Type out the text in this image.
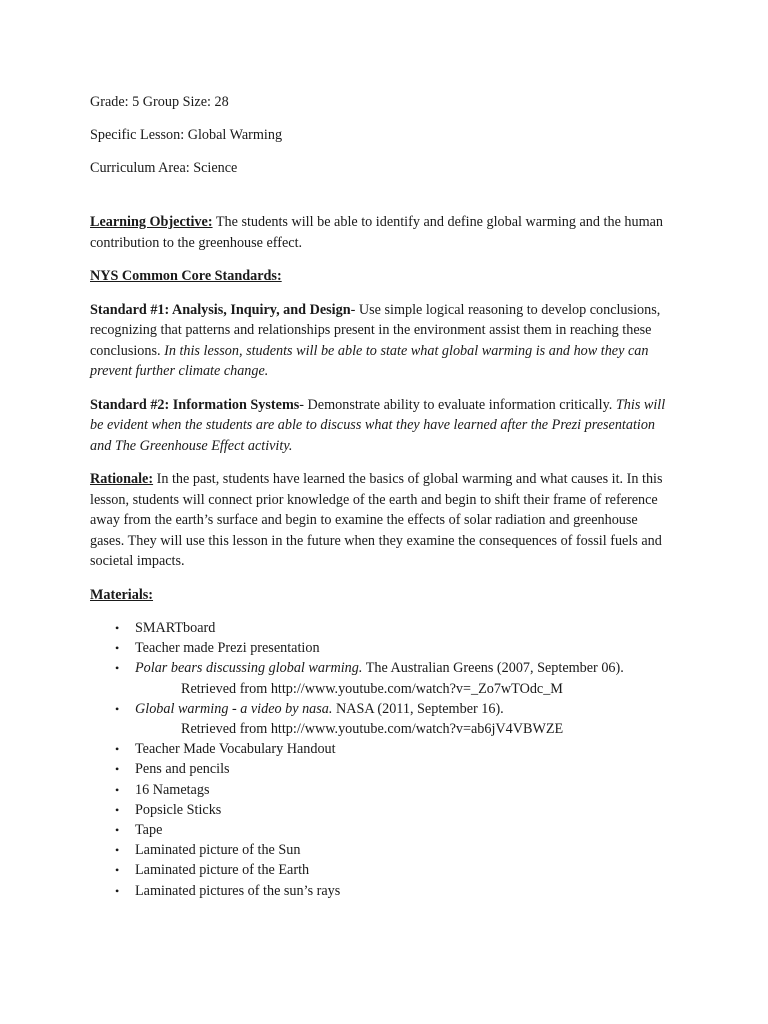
Grade: 5 Group Size: 28

Specific Lesson: Global Warming

Curriculum Area: Science

Learning Objective: The students will be able to identify and define global warming and the human contribution to the greenhouse effect.

NYS Common Core Standards:

Standard #1: Analysis, Inquiry, and Design- Use simple logical reasoning to develop conclusions, recognizing that patterns and relationships present in the environment assist them in reaching these conclusions. In this lesson, students will be able to state what global warming is and how they can prevent further climate change.

Standard #2: Information Systems- Demonstrate ability to evaluate information critically. This will be evident when the students are able to discuss what they have learned after the Prezi presentation and The Greenhouse Effect activity.

Rationale: In the past, students have learned the basics of global warming and what causes it. In this lesson, students will connect prior knowledge of the earth and begin to shift their frame of reference away from the earth’s surface and begin to examine the effects of solar radiation and greenhouse gases. They will use this lesson in the future when they examine the consequences of fossil fuels and societal impacts.

Materials:

• SMARTboard
• Teacher made Prezi presentation
• Polar bears discussing global warming. The Australian Greens (2007, September 06).
Retrieved from http://www.youtube.com/watch?v=_Zo7wTOdc_M
• Global warming - a video by nasa. NASA (2011, September 16).
Retrieved from http://www.youtube.com/watch?v=ab6jV4VBWZE
• Teacher Made Vocabulary Handout
• Pens and pencils
• 16 Nametags
• Popsicle Sticks
• Tape
• Laminated picture of the Sun
• Laminated picture of the Earth
• Laminated pictures of the sun’s rays
